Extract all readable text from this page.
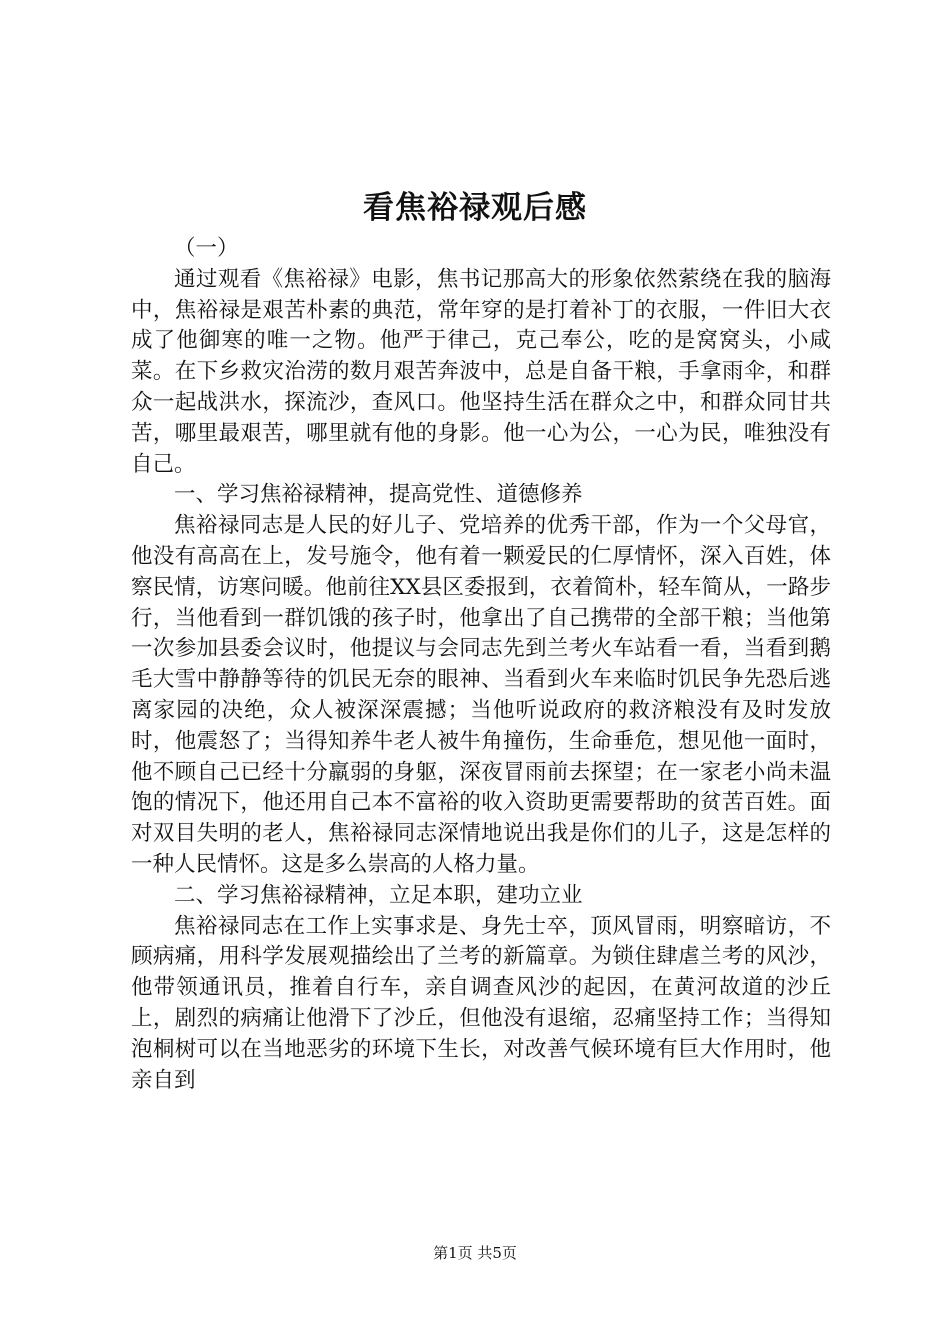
看焦裕禄观后感

（一）

通过观看《焦裕禄》电影，焦书记那高大的形象依然萦绕在我的脑海中，焦裕禄是艰苦朴素的典范，常年穿的是打着补丁的衣服，一件旧大衣成了他御寒的唯一之物。他严于律己，克己奉公，吃的是窝窝头，小咸菜。在下乡救灾治涝的数月艰苦奔波中，总是自备干粮，手拿雨伞，和群众一起战洪水，探流沙，查风口。他坚持生活在群众之中，和群众同甘共苦，哪里最艰苦，哪里就有他的身影。他一心为公，一心为民，唯独没有自己。

一、学习焦裕禄精神，提高党性、道德修养

焦裕禄同志是人民的好儿子、党培养的优秀干部，作为一个父母官，他没有高高在上，发号施令，他有着一颗爱民的仁厚情怀，深入百姓，体察民情，访寒问暖。他前往XX县区委报到，衣着简朴，轻车简从，一路步行，当他看到一群饥饿的孩子时，他拿出了自己携带的全部干粮；当他第一次参加县委会议时，他提议与会同志先到兰考火车站看一看，当看到鹅毛大雪中静静等待的饥民无奈的眼神、当看到火车来临时饥民争先恐后逃离家园的决绝，众人被深深震撼；当他听说政府的救济粮没有及时发放时，他震怒了；当得知养牛老人被牛角撞伤，生命垂危，想见他一面时，他不顾自己已经十分羸弱的身躯，深夜冒雨前去探望；在一家老小尚未温饱的情况下，他还用自己本不富裕的收入资助更需要帮助的贫苦百姓。面对双目失明的老人，焦裕禄同志深情地说出我是你们的儿子，这是怎样的一种人民情怀。这是多么崇高的人格力量。

二、学习焦裕禄精神，立足本职，建功立业

焦裕禄同志在工作上实事求是、身先士卒，顶风冒雨，明察暗访，不顾病痛，用科学发展观描绘出了兰考的新篇章。为锁住肆虐兰考的风沙，他带领通讯员，推着自行车，亲自调查风沙的起因，在黄河故道的沙丘上，剧烈的病痛让他滑下了沙丘，但他没有退缩，忍痛坚持工作；当得知泡桐树可以在当地恶劣的环境下生长，对改善气候环境有巨大作用时，他亲自到

第1页 共5页
